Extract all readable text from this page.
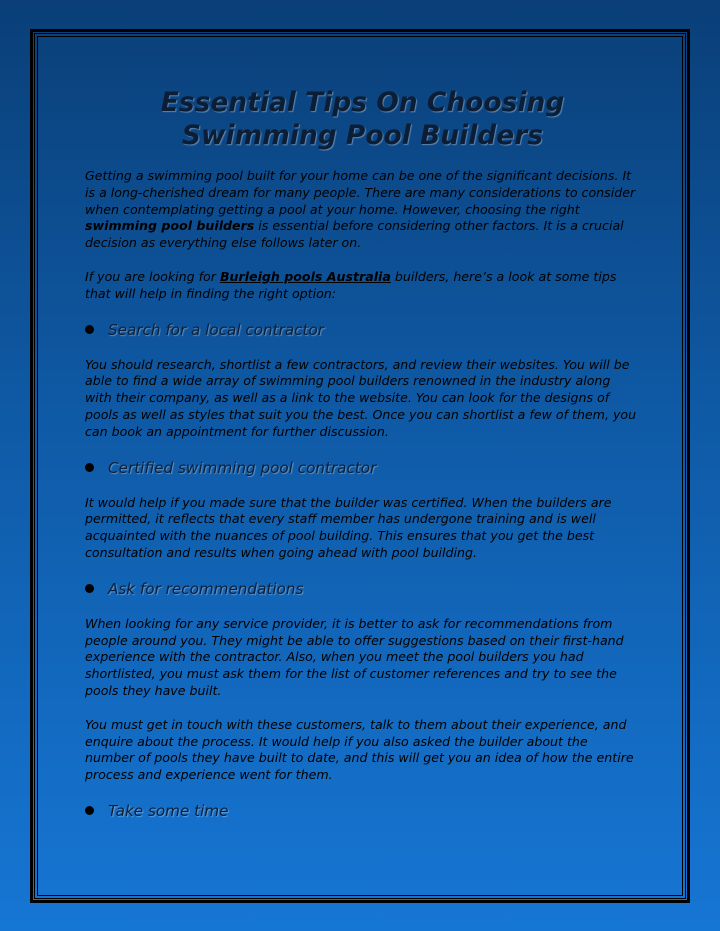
Essential Tips On Choosing Swimming Pool Builders

Getting a swimming pool built for your home can be one of the significant decisions. It is a long-cherished dream for many people. There are many considerations to consider when contemplating getting a pool at your home. However, choosing the right swimming pool builders is essential before considering other factors. It is a crucial decision as everything else follows later on.

If you are looking for Burleigh pools Australia builders, here’s a look at some tips that will help in finding the right option:

Search for a local contractor

You should research, shortlist a few contractors, and review their websites. You will be able to find a wide array of swimming pool builders renowned in the industry along with their company, as well as a link to the website. You can look for the designs of pools as well as styles that suit you the best. Once you can shortlist a few of them, you can book an appointment for further discussion.

Certified swimming pool contractor

It would help if you made sure that the builder was certified. When the builders are permitted, it reflects that every staff member has undergone training and is well acquainted with the nuances of pool building. This ensures that you get the best consultation and results when going ahead with pool building.

Ask for recommendations

When looking for any service provider, it is better to ask for recommendations from people around you. They might be able to offer suggestions based on their first-hand experience with the contractor. Also, when you meet the pool builders you had shortlisted, you must ask them for the list of customer references and try to see the pools they have built.

You must get in touch with these customers, talk to them about their experience, and enquire about the process. It would help if you also asked the builder about the number of pools they have built to date, and this will get you an idea of how the entire process and experience went for them.

Take some time
